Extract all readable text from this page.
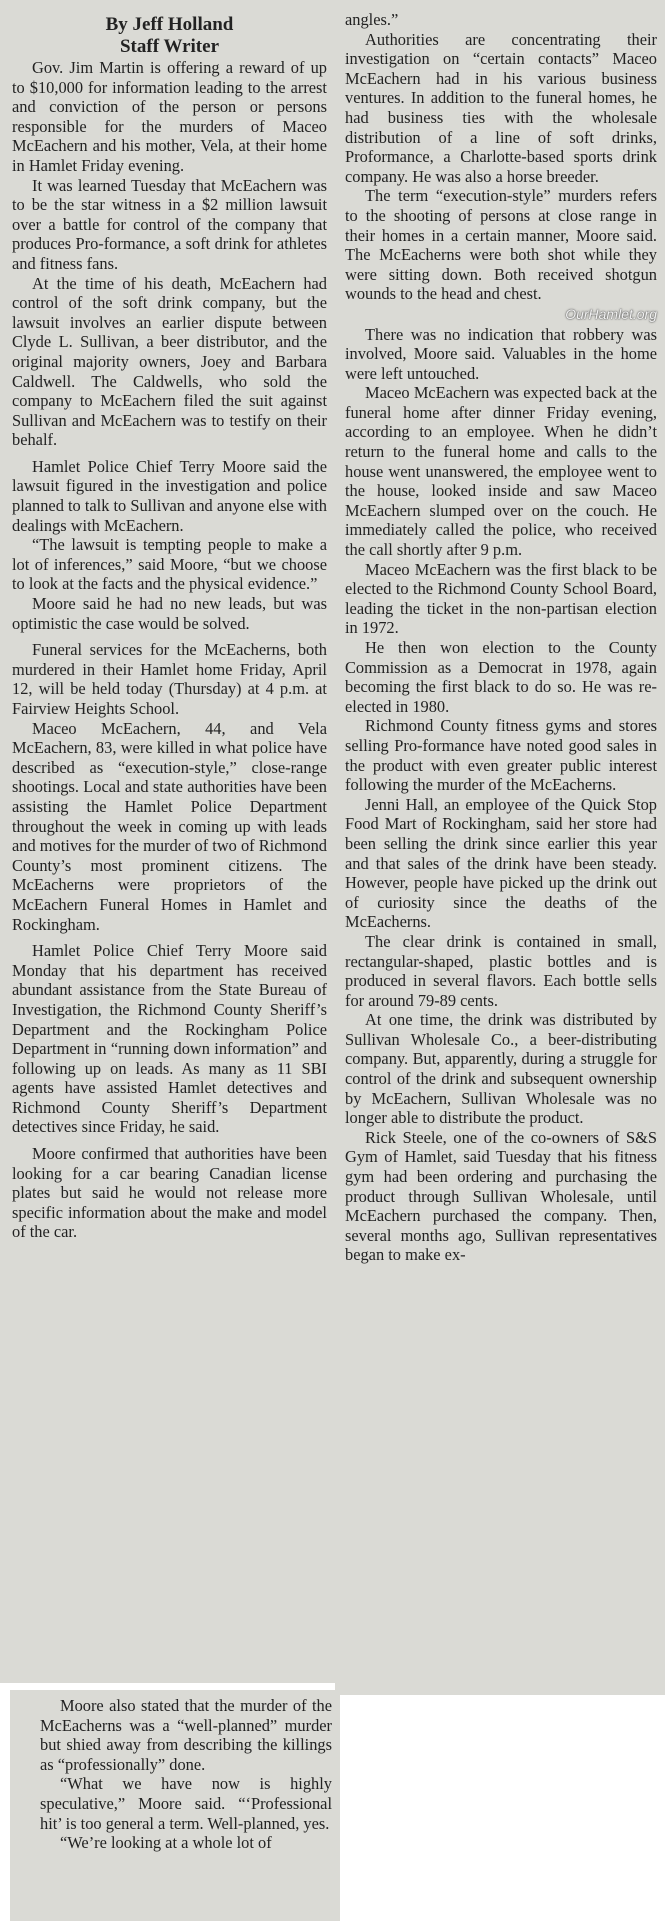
By Jeff Holland

Staff Writer

Gov. Jim Martin is offering a reward of up to $10,000 for information leading to the arrest and conviction of the person or persons responsible for the murders of Maceo McEachern and his mother, Vela, at their home in Hamlet Friday evening.

It was learned Tuesday that McEachern was to be the star witness in a $2 million lawsuit over a battle for control of the company that produces Pro-formance, a soft drink for athletes and fitness fans.

At the time of his death, McEachern had control of the soft drink company, but the lawsuit involves an earlier dispute between Clyde L. Sullivan, a beer distributor, and the original majority owners, Joey and Barbara Caldwell. The Caldwells, who sold the company to McEachern filed the suit against Sullivan and McEachern was to testify on their behalf.

Hamlet Police Chief Terry Moore said the lawsuit figured in the investigation and police planned to talk to Sullivan and anyone else with dealings with McEachern.

“The lawsuit is tempting people to make a lot of inferences,” said Moore, “but we choose to look at the facts and the physical evidence.”

Moore said he had no new leads, but was optimistic the case would be solved.

Funeral services for the McEacherns, both murdered in their Hamlet home Friday, April 12, will be held today (Thursday) at 4 p.m. at Fairview Heights School.

Maceo McEachern, 44, and Vela McEachern, 83, were killed in what police have described as “execution-style,” close-range shootings. Local and state authorities have been assisting the Hamlet Police Department throughout the week in coming up with leads and motives for the murder of two of Richmond County’s most prominent citizens. The McEacherns were proprietors of the McEachern Funeral Homes in Hamlet and Rockingham.

Hamlet Police Chief Terry Moore said Monday that his department has received abundant assistance from the State Bureau of Investigation, the Richmond County Sheriff’s Department and the Rockingham Police Department in “running down information” and following up on leads. As many as 11 SBI agents have assisted Hamlet detectives and Richmond County Sheriff’s Department detectives since Friday, he said.

Moore confirmed that authorities have been looking for a car bearing Canadian license plates but said he would not release more specific information about the make and model of the car.

Moore also stated that the murder of the McEacherns was a “well-planned” murder but shied away from describing the killings as “professionally” done.

“What we have now is highly speculative,” Moore said. “‘Professional hit’ is too general a term. Well-planned, yes.

“We’re looking at a whole lot of

angles.”

Authorities are concentrating their investigation on “certain contacts” Maceo McEachern had in his various business ventures. In addition to the funeral homes, he had business ties with the wholesale distribution of a line of soft drinks, Proformance, a Charlotte-based sports drink company. He was also a horse breeder.

The term “execution-style” murders refers to the shooting of persons at close range in their homes in a certain manner, Moore said. The McEacherns were both shot while they were sitting down. Both received shotgun wounds to the head and chest.

OurHamlet.org

There was no indication that robbery was involved, Moore said. Valuables in the home were left untouched.

Maceo McEachern was expected back at the funeral home after dinner Friday evening, according to an employee. When he didn’t return to the funeral home and calls to the house went unanswered, the employee went to the house, looked inside and saw Maceo McEachern slumped over on the couch. He immediately called the police, who received the call shortly after 9 p.m.

Maceo McEachern was the first black to be elected to the Richmond County School Board, leading the ticket in the non-partisan election in 1972.

He then won election to the County Commission as a Democrat in 1978, again becoming the first black to do so. He was re-elected in 1980.

Richmond County fitness gyms and stores selling Pro-formance have noted good sales in the product with even greater public interest following the murder of the McEacherns.

Jenni Hall, an employee of the Quick Stop Food Mart of Rockingham, said her store had been selling the drink since earlier this year and that sales of the drink have been steady. However, people have picked up the drink out of curiosity since the deaths of the McEacherns.

The clear drink is contained in small, rectangular-shaped, plastic bottles and is produced in several flavors. Each bottle sells for around 79-89 cents.

At one time, the drink was distributed by Sullivan Wholesale Co., a beer-distributing company. But, apparently, during a struggle for control of the drink and subsequent ownership by McEachern, Sullivan Wholesale was no longer able to distribute the product.

Rick Steele, one of the co-owners of S&S Gym of Hamlet, said Tuesday that his fitness gym had been ordering and purchasing the product through Sullivan Wholesale, until McEachern purchased the company. Then, several months ago, Sullivan representatives began to make ex-
